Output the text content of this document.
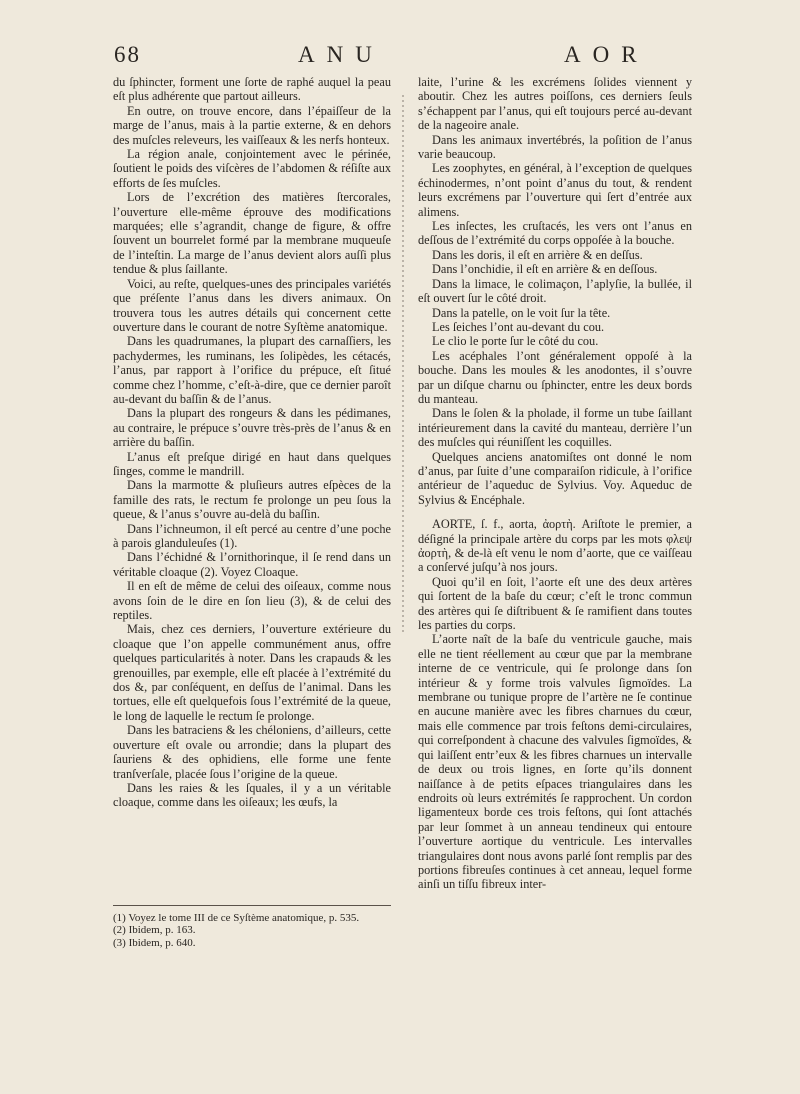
68	ANU	AOR

du ſphincter, forment une ſorte de raphé auquel la peau eſt plus adhérente que partout ailleurs.

En outre, on trouve encore, dans l’épaiſſeur de la marge de l’anus, mais à la partie externe, & en dehors des muſcles releveurs, les vaiſſeaux & les nerfs honteux.

La région anale, conjointement avec le périnée, ſoutient le poids des viſcères de l’abdomen & réſiſte aux efforts de ſes muſcles.

Lors de l’excrétion des matières ſtercorales, l’ouverture elle-même éprouve des modifications marquées; elle s’agrandit, change de figure, & offre ſouvent un bourrelet formé par la membrane muqueuſe de l’inteſtin. La marge de l’anus devient alors auſſi plus tendue & plus ſaillante.

Voici, au reſte, quelques-unes des principales variétés que préſente l’anus dans les divers animaux. On trouvera tous les autres détails qui concernent cette ouverture dans le courant de notre Syſtème anatomique.

Dans les quadrumanes, la plupart des carnaſſiers, les pachydermes, les ruminans, les ſolipèdes, les cétacés, l’anus, par rapport à l’orifice du prépuce, eſt ſitué comme chez l’homme, c’eſt-à-dire, que ce dernier paroît au-devant du baſſin & de l’anus.

Dans la plupart des rongeurs & dans les pédimanes, au contraire, le prépuce s’ouvre très-près de l’anus & en arrière du baſſin.

L’anus eſt preſque dirigé en haut dans quelques ſinges, comme le mandrill.

Dans la marmotte & pluſieurs autres eſpèces de la famille des rats, le rectum fe prolonge un peu ſous la queue, & l’anus s’ouvre au-delà du baſſin.

Dans l’ichneumon, il eſt percé au centre d’une poche à parois glanduleuſes (1).

Dans l’échidné & l’ornithorinque, il ſe rend dans un véritable cloaque (2). Voyez Cloaque.

Il en eſt de même de celui des oiſeaux, comme nous avons ſoin de le dire en ſon lieu (3), & de celui des reptiles.

Mais, chez ces derniers, l’ouverture extérieure du cloaque que l’on appelle communément anus, offre quelques particularités à noter. Dans les crapauds & les grenouilles, par exemple, elle eſt placée à l’extrémité du dos &, par conſéquent, en deſſus de l’animal. Dans les tortues, elle eſt quelquefois ſous l’extrémité de la queue, le long de laquelle le rectum ſe prolonge.

Dans les batraciens & les chéloniens, d’ailleurs, cette ouverture eſt ovale ou arrondie; dans la plupart des ſauriens & des ophidiens, elle forme une fente tranſverſale, placée ſous l’origine de la queue.

Dans les raies & les ſquales, il y a un véritable cloaque, comme dans les oiſeaux; les œufs, la

(1) Voyez le tome III de ce Syſtème anatomique, p. 535.
(2) Ibidem, p. 163.
(3) Ibidem, p. 640.

laite, l’urine & les excrémens ſolides viennent y aboutir. Chez les autres poiſſons, ces derniers ſeuls s’échappent par l’anus, qui eſt toujours percé au-devant de la nageoire anale.

Dans les animaux invertébrés, la poſition de l’anus varie beaucoup.

Les zoophytes, en général, à l’exception de quelques échinodermes, n’ont point d’anus du tout, & rendent leurs excrémens par l’ouverture qui ſert d’entrée aux alimens.

Les inſectes, les cruſtacés, les vers ont l’anus en deſſous de l’extrémité du corps oppoſée à la bouche.

Dans les doris, il eſt en arrière & en deſſus.

Dans l’onchidie, il eſt en arrière & en deſſous.

Dans la limace, le colimaçon, l’aplyſie, la bullée, il eſt ouvert ſur le côté droit.

Dans la patelle, on le voit ſur la tête.

Les ſeiches l’ont au-devant du cou.

Le clio le porte ſur le côté du cou.

Les acéphales l’ont généralement oppoſé à la bouche. Dans les moules & les anodontes, il s’ouvre par un diſque charnu ou ſphincter, entre les deux bords du manteau.

Dans le ſolen & la pholade, il forme un tube ſaillant intérieurement dans la cavité du manteau, derrière l’un des muſcles qui réuniſſent les coquilles.

Quelques anciens anatomiſtes ont donné le nom d’anus, par ſuite d’une comparaiſon ridicule, à l’orifice antérieur de l’aqueduc de Sylvius. Voy. Aqueduc de Sylvius & Encéphale.

AORTE, ſ. f., aorta, ἀορτὴ. Ariſtote le premier, a déſigné la principale artère du corps par les mots φλεψ ἀορτὴ, & de-là eſt venu le nom d’aorte, que ce vaiſſeau a conſervé juſqu’à nos jours.

Quoi qu’il en ſoit, l’aorte eſt une des deux artères qui ſortent de la baſe du cœur; c’eſt le tronc commun des artères qui ſe diſtribuent & ſe ramifient dans toutes les parties du corps.

L’aorte naît de la baſe du ventricule gauche, mais elle ne tient réellement au cœur que par la membrane interne de ce ventricule, qui ſe prolonge dans ſon intérieur & y forme trois valvules ſigmoïdes. La membrane ou tunique propre de l’artère ne ſe continue en aucune manière avec les fibres charnues du cœur, mais elle commence par trois feſtons demi-circulaires, qui correſpondent à chacune des valvules ſigmoïdes, & qui laiſſent entr’eux & les fibres charnues un intervalle de deux ou trois lignes, en ſorte qu’ils donnent naiſſance à de petits eſpaces triangulaires dans les endroits où leurs extrémités ſe rapprochent. Un cordon ligamenteux borde ces trois feſtons, qui ſont attachés par leur ſommet à un anneau tendineux qui entoure l’ouverture aortique du ventricule. Les intervalles triangulaires dont nous avons parlé ſont remplis par des portions fibreuſes continues à cet anneau, lequel forme ainſi un tiſſu fibreux inter-
